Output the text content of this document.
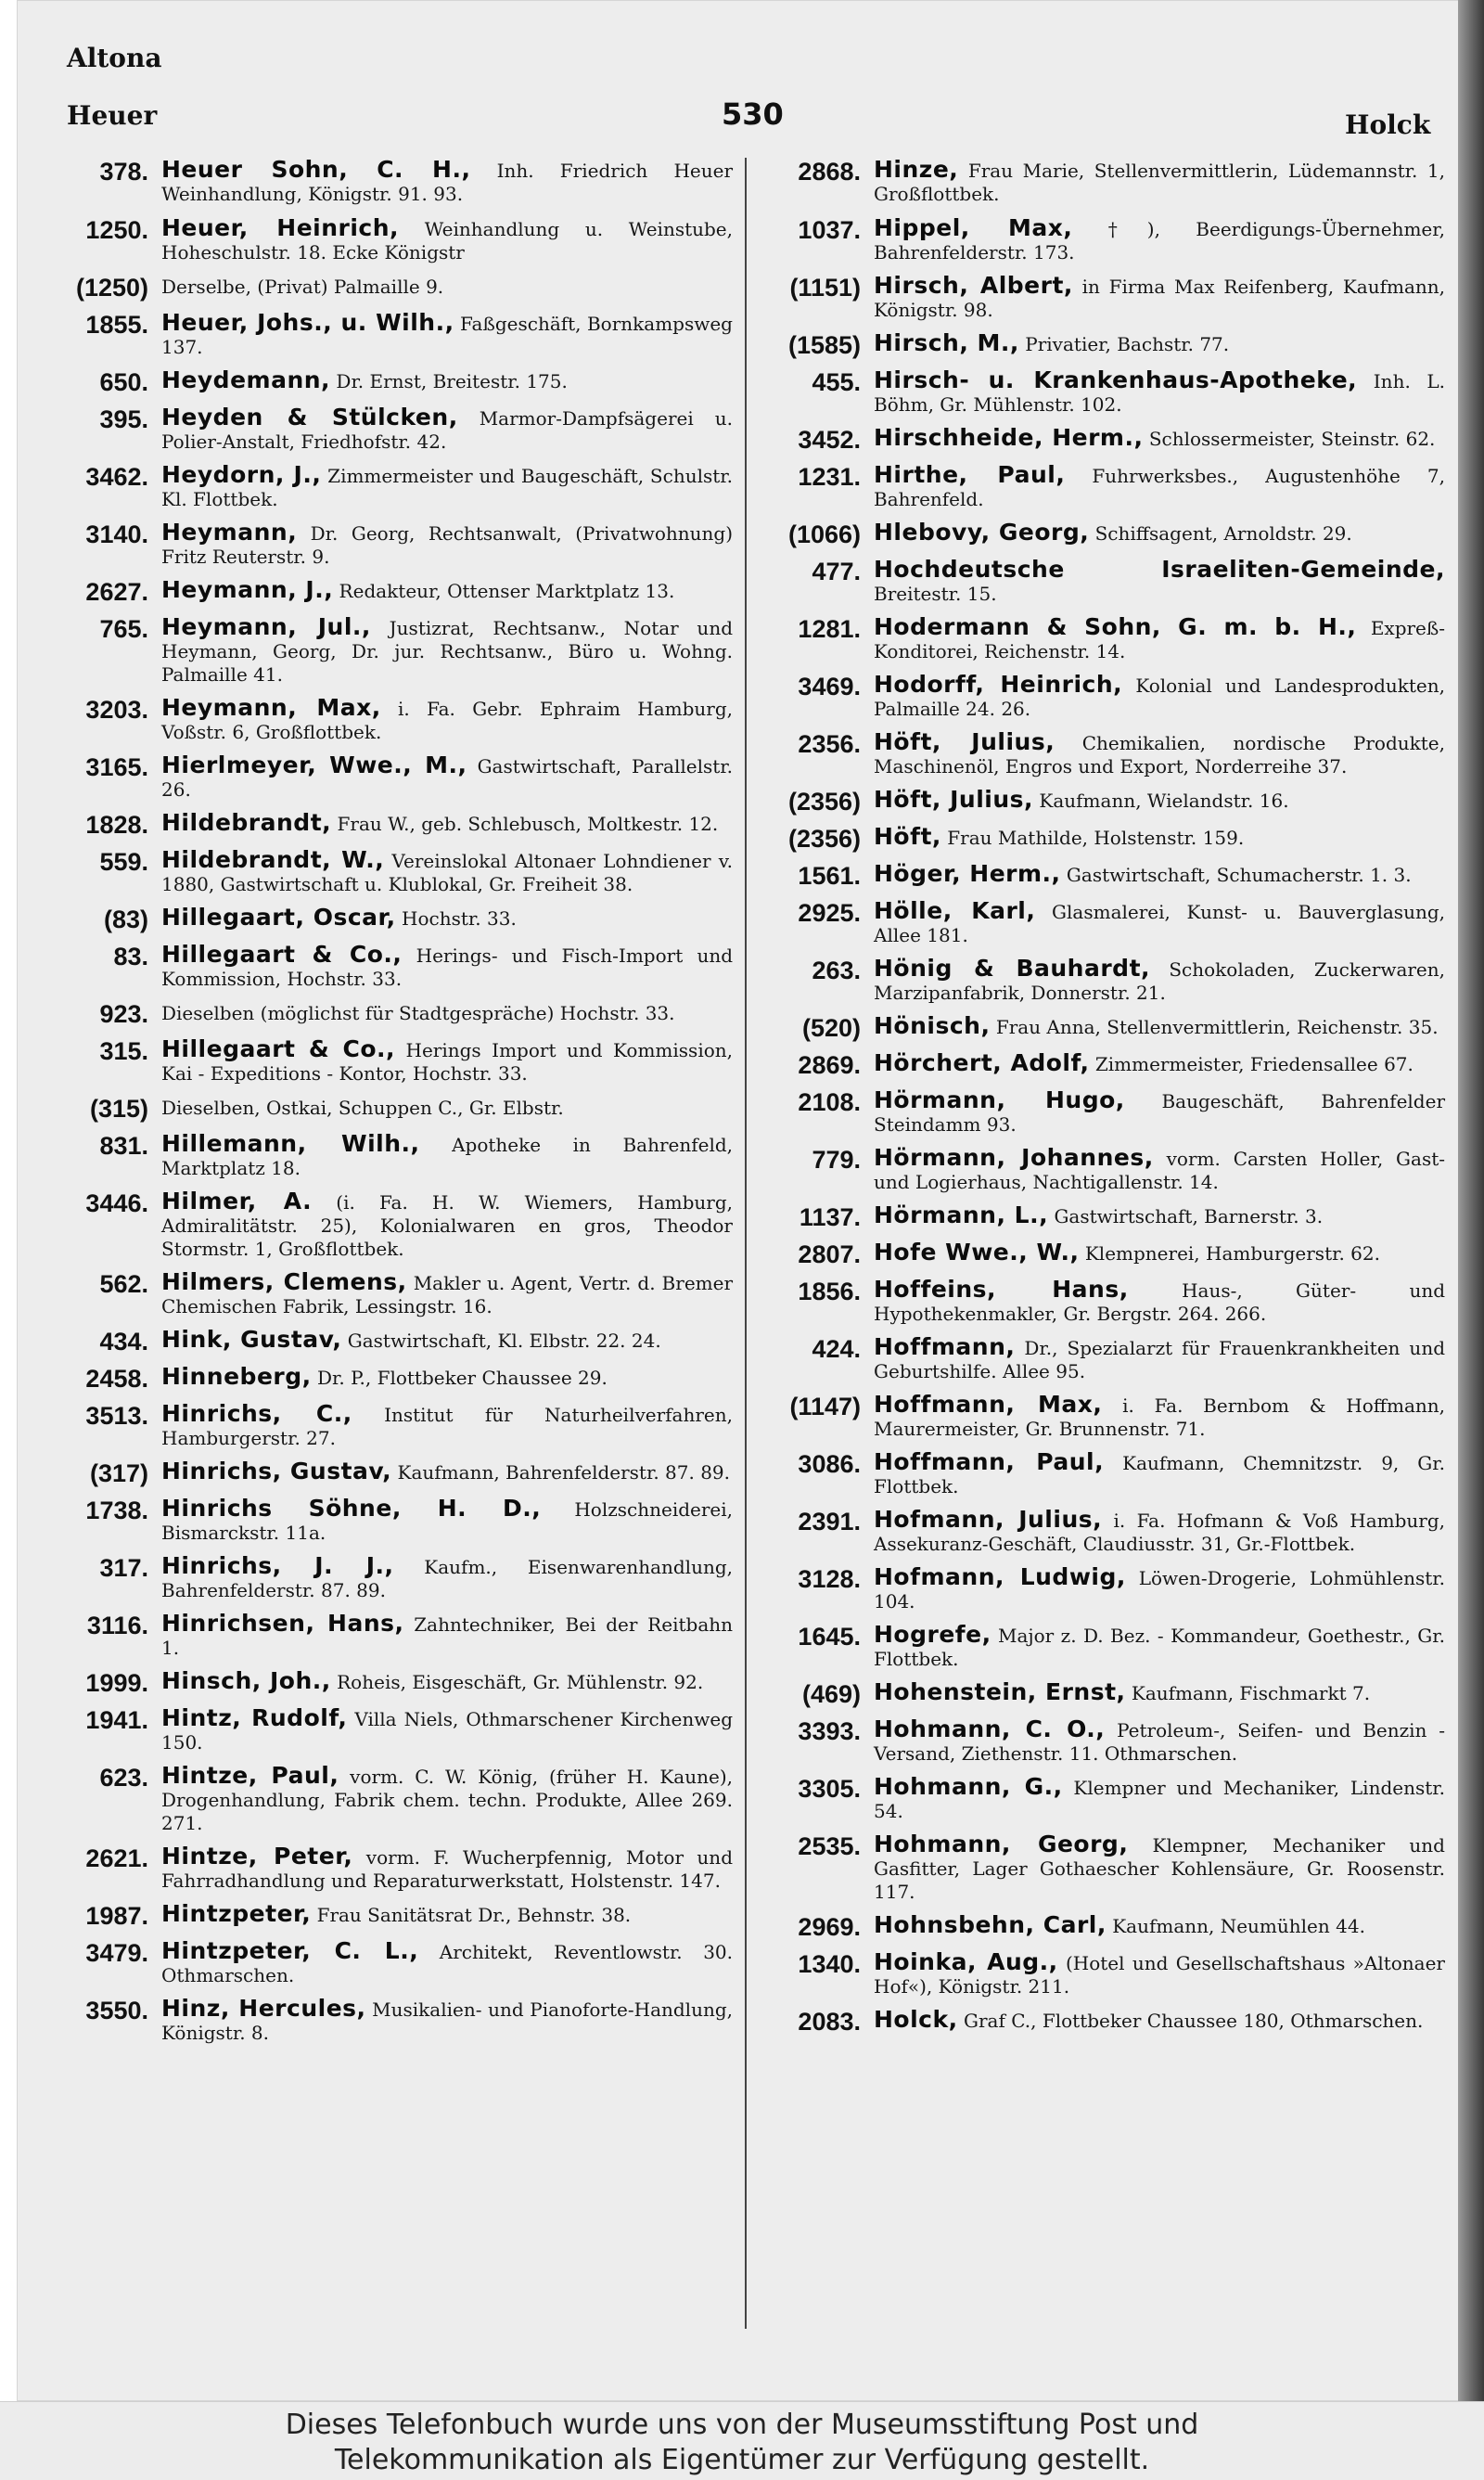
Altona
Heuer	530	Holck
378. Heuer Sohn, C. H., Inh. Friedrich Heuer Weinhandlung, Königstr. 91. 93.
1250. Heuer, Heinrich, Weinhandlung u. Weinstube, Hoheschulstr. 18. Ecke Königstr
(1250) Derselbe, (Privat) Palmaille 9.
1855. Heuer, Johs., u. Wilh., Faßgeschäft, Bornkampsweg 137.
650. Heydemann, Dr. Ernst, Breitestr. 175.
395. Heyden & Stülcken, Marmor-Dampfsägerei u. Polier-Anstalt, Friedhofstr. 42.
3462. Heydorn, J., Zimmermeister und Baugeschäft, Schulstr. Kl. Flottbek.
3140. Heymann, Dr. Georg, Rechtsanwalt, (Privatwohnung) Fritz Reuterstr. 9.
2627. Heymann, J., Redakteur, Ottenser Marktplatz 13.
765. Heymann, Jul., Justizrat, Rechtsanw., Notar und Heymann, Georg, Dr. jur. Rechtsanw., Büro u. Wohng. Palmaille 41.
3203. Heymann, Max, i. Fa. Gebr. Ephraim Hamburg, Voßstr. 6, Großflottbek.
3165. Hierlmeyer, Wwe., M., Gastwirtschaft, Parallelstr. 26.
1828. Hildebrandt, Frau W., geb. Schlebusch, Moltkestr. 12.
559. Hildebrandt, W., Vereinslokal Altonaer Lohndiener v. 1880, Gastwirtschaft u. Klublokal, Gr. Freiheit 38.
(83) Hillegaart, Oscar, Hochstr. 33.
83. Hillegaart & Co., Herings- und Fisch-Import und Kommission, Hochstr. 33.
923. Dieselben (möglichst für Stadtgespräche) Hochstr. 33.
315. Hillegaart & Co., Herings Import und Kommission, Kai - Expeditions - Kontor, Hochstr. 33.
(315) Dieselben, Ostkai, Schuppen C., Gr. Elbstr.
831. Hillemann, Wilh., Apotheke in Bahrenfeld, Marktplatz 18.
3446. Hilmer, A. (i. Fa. H. W. Wiemers, Hamburg, Admiralitätstr. 25), Kolonialwaren en gros, Theodor Stormstr. 1, Großflottbek.
562. Hilmers, Clemens, Makler u. Agent, Vertr. d. Bremer Chemischen Fabrik, Lessingstr. 16.
434. Hink, Gustav, Gastwirtschaft, Kl. Elbstr. 22. 24.
2458. Hinneberg, Dr. P., Flottbeker Chaussee 29.
3513. Hinrichs, C., Institut für Naturheilverfahren, Hamburgerstr. 27.
(317) Hinrichs, Gustav, Kaufmann, Bahrenfelderstr. 87. 89.
1738. Hinrichs Söhne, H. D., Holzschneiderei, Bismarckstr. 11a.
317. Hinrichs, J. J., Kaufm., Eisenwarenhandlung, Bahrenfelderstr. 87. 89.
3116. Hinrichsen, Hans, Zahntechniker, Bei der Reitbahn 1.
1999. Hinsch, Joh., Roheis, Eisgeschäft, Gr. Mühlenstr. 92.
1941. Hintz, Rudolf, Villa Niels, Othmarschener Kirchenweg 150.
623. Hintze, Paul, vorm. C. W. König, (früher H. Kaune), Drogenhandlung, Fabrik chem. techn. Produkte, Allee 269. 271.
2621. Hintze, Peter, vorm. F. Wucherpfennig, Motor und Fahrradhandlung und Reparaturwerkstatt, Holstenstr. 147.
1987. Hintzpeter, Frau Sanitätsrat Dr., Behnstr. 38.
3479. Hintzpeter, C. L., Architekt, Reventlowstr. 30. Othmarschen.
3550. Hinz, Hercules, Musikalien- und Pianoforte-Handlung, Königstr. 8.
2868. Hinze, Frau Marie, Stellenvermittlerin, Lüdemannstr. 1, Großflottbek.
1037. Hippel, Max, †), Beerdigungs-Übernehmer, Bahrenfelderstr. 173.
(1151) Hirsch, Albert, in Firma Max Reifenberg, Kaufmann, Königstr. 98.
(1585) Hirsch, M., Privatier, Bachstr. 77.
455. Hirsch- u. Krankenhaus-Apotheke, Inh. L. Böhm, Gr. Mühlenstr. 102.
3452. Hirschheide, Herm., Schlossermeister, Steinstr. 62.
1231. Hirthe, Paul, Fuhrwerksbes., Augustenhöhe 7, Bahrenfeld.
(1066) Hlebovy, Georg, Schiffsagent, Arnoldstr. 29.
477. Hochdeutsche Israeliten-Gemeinde, Breitestr. 15.
1281. Hodermann & Sohn, G. m. b. H., Expreß-Konditorei, Reichenstr. 14.
3469. Hodorff, Heinrich, Kolonial und Landesprodukten, Palmaille 24. 26.
2356. Höft, Julius, Chemikalien, nordische Produkte, Maschinenöl, Engros und Export, Norderreihe 37.
(2356) Höft, Julius, Kaufmann, Wielandstr. 16.
(2356) Höft, Frau Mathilde, Holstenstr. 159.
1561. Höger, Herm., Gastwirtschaft, Schumacherstr. 1. 3.
2925. Hölle, Karl, Glasmalerei, Kunst- u. Bauverglasung, Allee 181.
263. Hönig & Bauhardt, Schokoladen, Zuckerwaren, Marzipanfabrik, Donnerstr. 21.
(520) Hönisch, Frau Anna, Stellenvermittlerin, Reichenstr. 35.
2869. Hörchert, Adolf, Zimmermeister, Friedensallee 67.
2108. Hörmann, Hugo, Baugeschäft, Bahrenfelder Steindamm 93.
779. Hörmann, Johannes, vorm. Carsten Holler, Gast- und Logierhaus, Nachtigallenstr. 14.
1137. Hörmann, L., Gastwirtschaft, Barnerstr. 3.
2807. Hofe Wwe., W., Klempnerei, Hamburgerstr. 62.
1856. Hoffeins, Hans,	Haus-, Güter- und Hypothekenmakler, Gr. Bergstr. 264. 266.
424. Hoffmann, Dr., Spezialarzt für Frauenkrankheiten und Geburtshilfe. Allee 95.
(1147) Hoffmann, Max, i. Fa. Bernbom & Hoffmann, Maurermeister, Gr. Brunnenstr. 71.
3086. Hoffmann, Paul, Kaufmann, Chemnitzstr. 9, Gr. Flottbek.
2391. Hofmann, Julius, i. Fa. Hofmann & Voß Hamburg, Assekuranz-Geschäft, Claudiusstr. 31, Gr.-Flottbek.
3128. Hofmann, Ludwig, Löwen-Drogerie, Lohmühlenstr. 104.
1645. Hogrefe, Major z. D. Bez. - Kommandeur, Goethestr., Gr. Flottbek.
(469) Hohenstein, Ernst, Kaufmann, Fischmarkt 7.
3393. Hohmann, C. O., Petroleum-, Seifen- und Benzin - Versand, Ziethenstr. 11. Othmarschen.
3305. Hohmann, G., Klempner und Mechaniker, Lindenstr. 54.
2535. Hohmann, Georg, Klempner, Mechaniker und Gasfitter, Lager Gothaescher Kohlensäure, Gr. Roosenstr. 117.
2969. Hohnsbehn, Carl, Kaufmann, Neumühlen 44.
1340. Hoinka, Aug., (Hotel und Gesellschaftshaus »Altonaer Hof«), Königstr. 211.
2083. Holck, Graf C., Flottbeker Chaussee 180, Othmarschen.
Dieses Telefonbuch wurde uns von der Museumsstiftung Post und
Telekommunikation als Eigentümer zur Verfügung gestellt.
